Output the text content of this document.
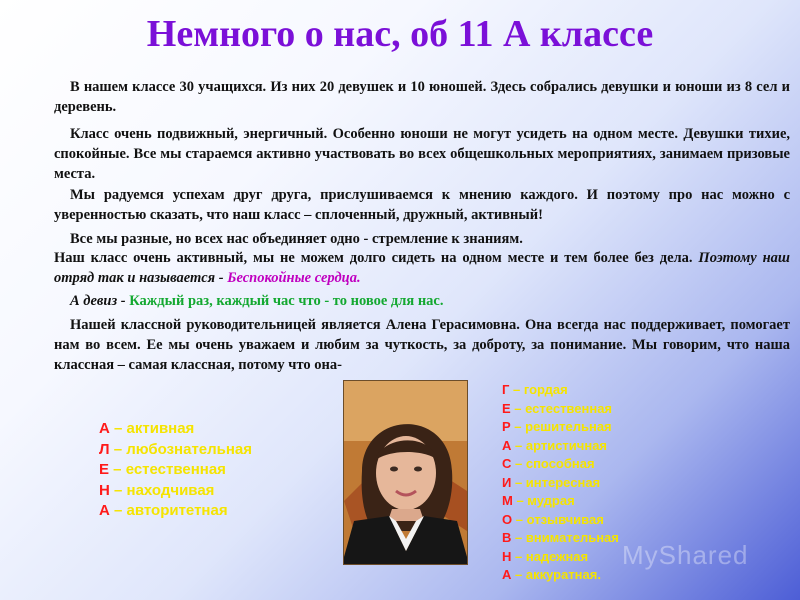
Немного о нас, об 11 А классе

В нашем классе 30 учащихся. Из них 20 девушек и 10 юношей. Здесь собрались девушки и юноши из 8 сел и деревень.

Класс очень подвижный, энергичный. Особенно юноши не могут усидеть на одном месте. Девушки тихие, спокойные. Все мы стараемся активно участвовать во всех общешкольных мероприятиях, занимаем призовые места.

Мы радуемся успехам друг друга, прислушиваемся к мнению каждого. И поэтому про нас можно с уверенностью сказать, что наш класс – сплоченный, дружный, активный!

Все мы разные, но всех нас объединяет одно - стремление к знаниям.

Наш класс очень активный, мы не можем долго сидеть на одном месте и тем более без дела. Поэтому наш отряд так и называется - Беспокойные сердца.

А девиз - Каждый раз, каждый час что - то новое для нас.

Нашей классной руководительницей является Алена Герасимовна. Она всегда нас поддерживает, помогает нам во всем. Ее мы очень уважаем и любим за чуткость, за доброту, за понимание. Мы говорим, что наша классная – самая классная, потому что она-

А – активная
Л – любознательная
Е – естественная
Н – находчивая
А – авторитетная
Г – гордая
Е – естественная
Р – решительная
А – артистичная
С – способная
И – интересная
М – мудрая
О – отзывчивая
В – внимательная
Н – надежная
А – аккуратная.
MyShared
